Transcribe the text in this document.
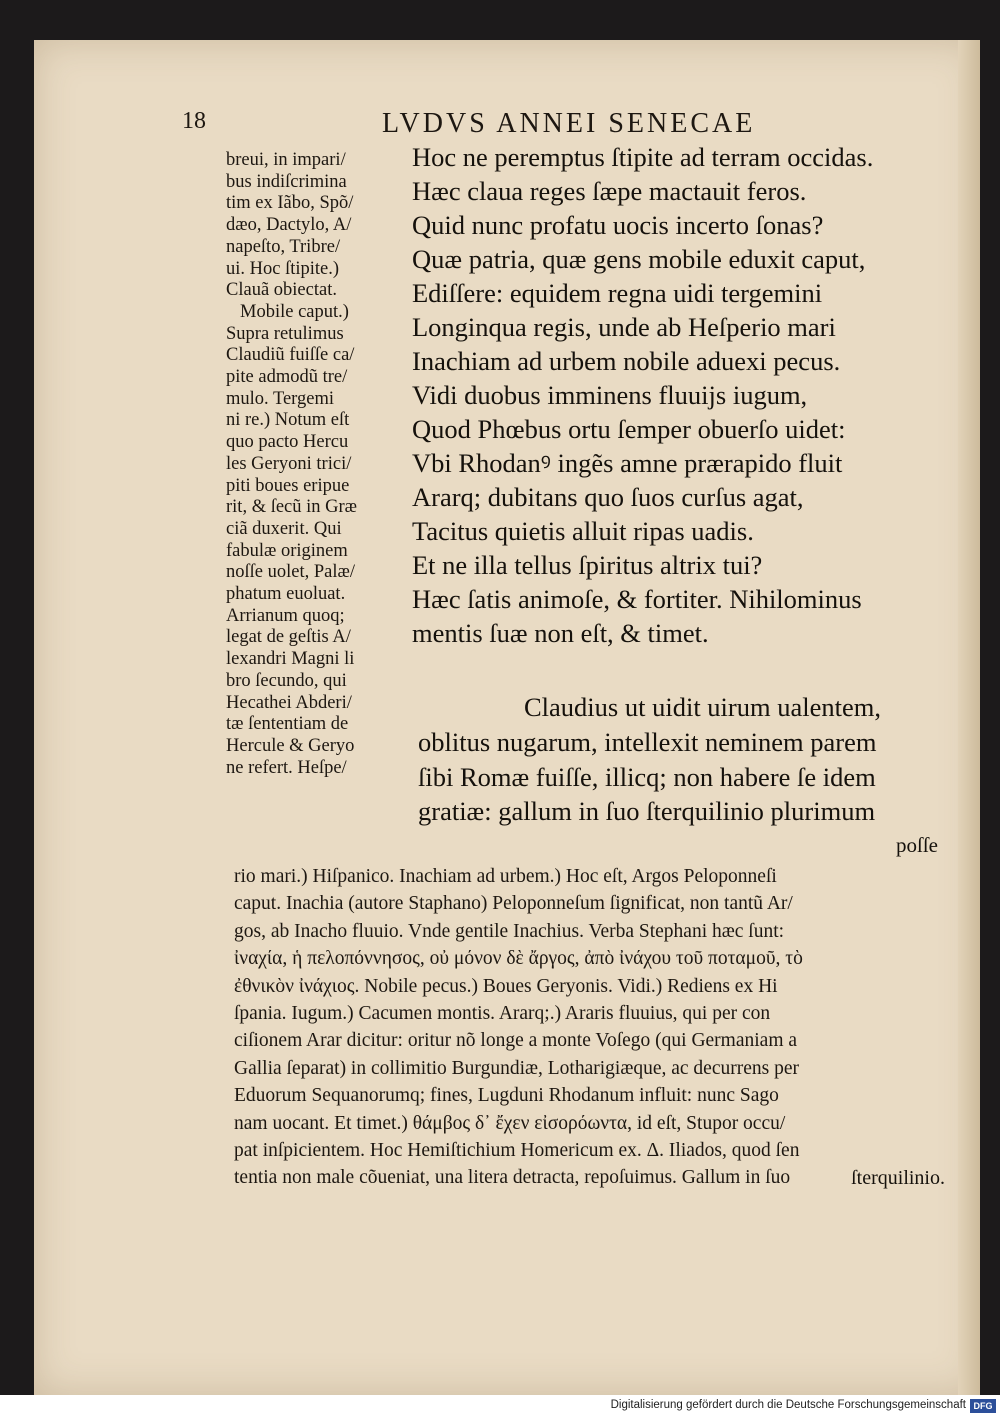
18	LVDVS ANNEI SENECAE
breui, in impari/
bus indiſcrimina
tim ex Iãbo, Spõ/
dæo, Dactylo, A/
napeſto, Tribre/
ui. Hoc ſtipite.)
Clauã obiectat.
Mobile caput.)
Supra retulimus
Claudiũ fuiſſe ca/
pite admodũ tre/
mulo. Tergemi
ni re.) Notum eſt
quo pacto Hercu
les Geryoni trici/
piti boues eripue
rit, & ſecũ in Græ
ciã duxerit. Qui
fabulæ originem
noſſe uolet, Palæ/
phatum euoluat.
Arrianum quoq;
legat de geſtis A/
lexandri Magni li
bro ſecundo, qui
Hecathei Abderi/
tæ ſententiam de
Hercule & Geryo
ne refert. Heſpe/
Hoc ne peremptus ſtipite ad terram occidas.
Hæc claua reges ſæpe mactauit feros.
Quid nunc profatu uocis incerto ſonas?
Quæ patria, quæ gens mobile eduxit caput,
Ediſſere: equidem regna uidi tergemini
Longinqua regis, unde ab Heſperio mari
Inachiam ad urbem nobile aduexi pecus.
Vidi duobus imminens fluuijs iugum,
Quod Phœbus ortu ſemper obuerſo uidet:
Vbi Rhodanꝰ ingẽs amne prærapido fluit
Ararq; dubitans quo ſuos curſus agat,
Tacitus quietis alluit ripas uadis.
Et ne illa tellus ſpiritus altrix tui?
Hæc ſatis animoſe, & fortiter. Nihilominus
mentis ſuæ non eſt, & timet.
Claudius ut uidit uirum ualentem,
oblitus nugarum, intellexit neminem parem
ſibi Romæ fuiſſe, illicq; non habere ſe idem
gratiæ: gallum in ſuo ſterquilinio plurimum
poſſe
rio mari.) Hiſpanico. Inachiam ad urbem.) Hoc eſt, Argos Peloponneſi
caput. Inachia (autore Staphano) Peloponneſum ſignificat, non tantũ Ar/
gos, ab Inacho fluuio. Vnde gentile Inachius. Verba Stephani hæc ſunt:
ἰναχία, ἡ πελοπόννησος, οὐ μόνον δὲ ἄργος, ἀπὸ ἰνάχου τοῦ ποταμοῦ, τὸ
ἐθνικὸν ἰνάχιος. Nobile pecus.) Boues Geryonis. Vidi.) Rediens ex Hi
ſpania. Iugum.) Cacumen montis. Ararq;.) Araris fluuius, qui per con
ciſionem Arar dicitur: oritur nõ longe a monte Voſego (qui Germaniam a
Gallia ſeparat) in collimitio Burgundiæ, Lotharigiæque, ac decurrens per
Eduorum Sequanorumq; fines, Lugduni Rhodanum influit: nunc Sago
nam uocant. Et timet.) θάμβος δ᾽ ἔχεν εἰσορόωντα, id eſt, Stupor occu/
pat inſpicientem. Hoc Hemiſtichium Homericum ex. Δ. Iliados, quod ſen
tentia non male cõueniat, una litera detracta, repoſuimus. Gallum in ſuo	ſterquilinio.
Digitalisierung gefördert durch die Deutsche Forschungsgemeinschaft DFG
